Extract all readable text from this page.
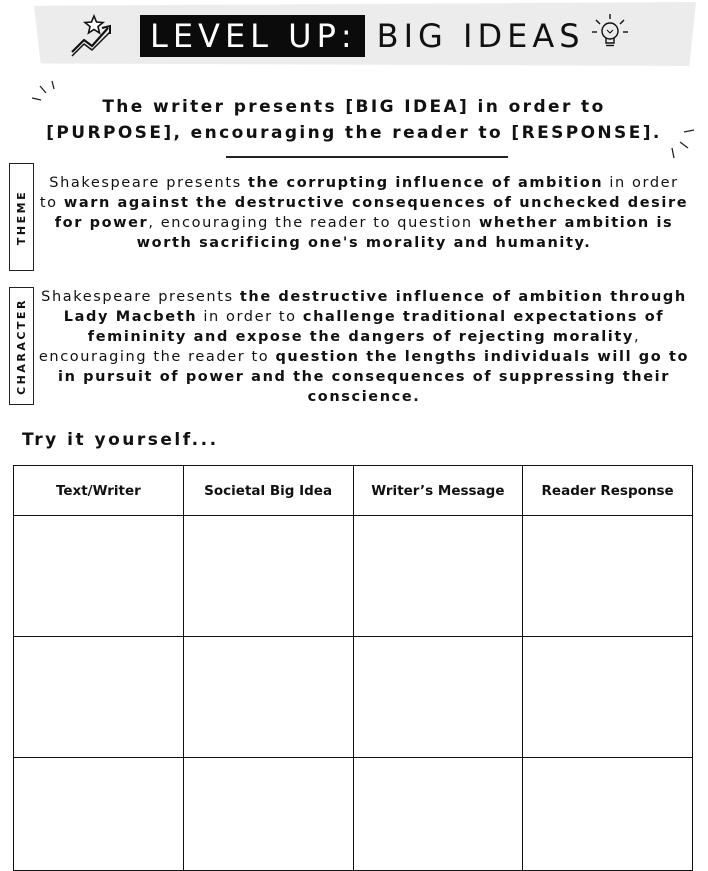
LEVEL UP: BIG IDEAS
The writer presents [BIG IDEA] in order to
[PURPOSE], encouraging the reader to [RESPONSE].
THEME
Shakespeare presents the corrupting influence of ambition in order to warn against the destructive consequences of unchecked desire for power, encouraging the reader to question whether ambition is worth sacrificing one's morality and humanity.
CHARACTER
Shakespeare presents the destructive influence of ambition through Lady Macbeth in order to challenge traditional expectations of femininity and expose the dangers of rejecting morality, encouraging the reader to question the lengths individuals will go to in pursuit of power and the consequences of suppressing their conscience.
Try it yourself...
Text/Writer	Societal Big Idea	Writer’s Message	Reader Response
